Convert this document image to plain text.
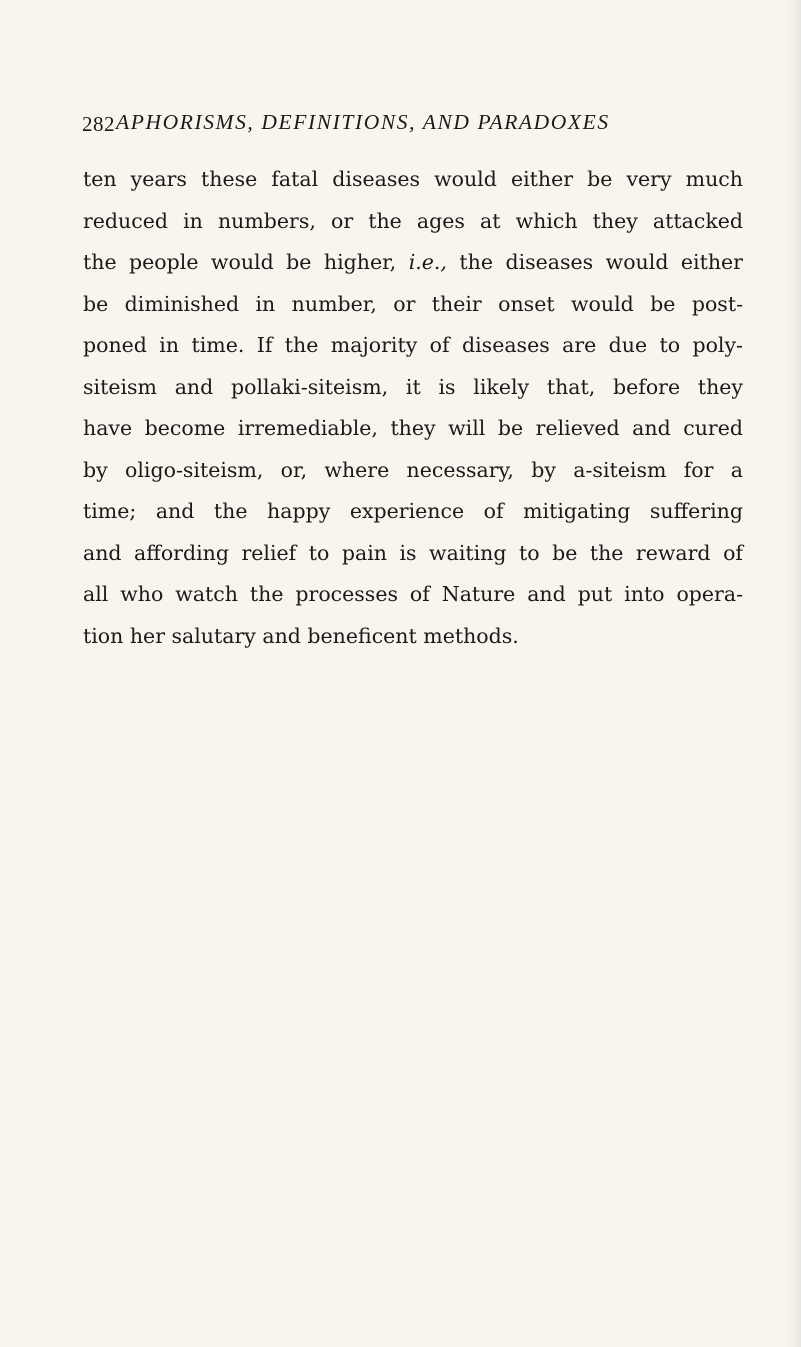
282 APHORISMS, DEFINITIONS, AND PARADOXES
ten years these fatal diseases would either be very much
reduced in numbers, or the ages at which they attacked
the people would be higher, i.e., the diseases would either
be diminished in number, or their onset would be post-
poned in time. If the majority of diseases are due to poly-
siteism and pollaki-siteism, it is likely that, before they
have become irremediable, they will be relieved and cured
by oligo-siteism, or, where necessary, by a-siteism for a
time; and the happy experience of mitigating suffering
and affording relief to pain is waiting to be the reward of
all who watch the processes of Nature and put into opera-
tion her salutary and beneficent methods.
